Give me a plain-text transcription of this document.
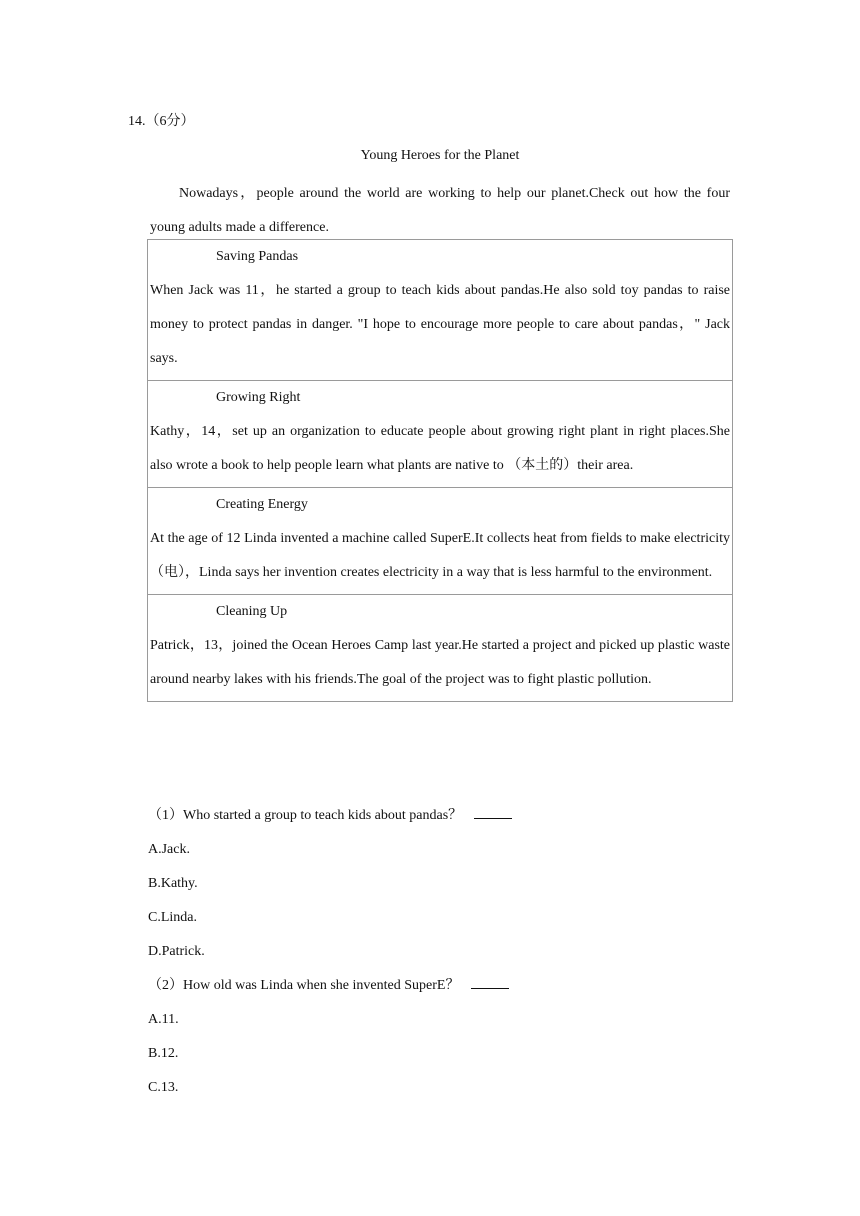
14.（6分）
Young Heroes for the Planet
Nowadays，people around the world are working to help our planet.Check out how the four young adults made a difference.
Saving Pandas
When Jack was 11，he started a group to teach kids about pandas.He also sold toy pandas to raise money to protect pandas in danger. "I hope to encourage more people to care about pandas，" Jack says.

Growing Right
Kathy，14，set up an organization to educate people about growing right plant in right places.She also wrote a book to help people learn what plants are native to （本土的）their area.

Creating Energy
At the age of 12 Linda invented a machine called SuperE.It collects heat from fields to make electricity（电），Linda says her invention creates electricity in a way that is less harmful to the environment.

Cleaning Up
Patrick，13，joined the Ocean Heroes Camp last year.He started a project and picked up plastic waste around nearby lakes with his friends.The goal of the project was to fight plastic pollution.
（1）Who started a group to teach kids about pandas？
A.Jack.
B.Kathy.
C.Linda.
D.Patrick.
（2）How old was Linda when she invented SuperE？
A.11.
B.12.
C.13.
